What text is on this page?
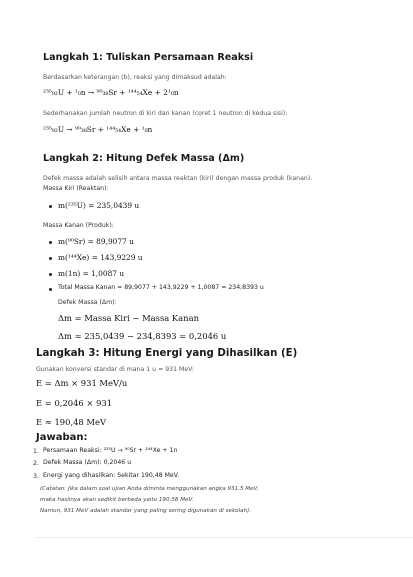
Langkah 1: Tuliskan Persamaan Reaksi
Berdasarkan keterangan (b), reaksi yang dimaksud adalah:
²³⁵₉₂U + ¹₀n → ⁹⁰₃₈Sr + ¹⁴⁴₅₄Xe + 2¹₀n
Sederhanakan jumlah neutron di kiri dan kanan (coret 1 neutron di kedua sisi):
²³⁵₉₂U → ⁹⁰₃₈Sr + ¹⁴⁴₅₄Xe + ¹₀n
Langkah 2: Hitung Defek Massa (Δm)
Defek massa adalah selisih antara massa reaktan (kiri) dengan massa produk (kanan).
Massa Kiri (Reaktan):
m(²³⁵U) = 235,0439 u
Massa Kanan (Produk):
m(⁹⁰Sr) = 89,9077 u
m(¹⁴⁴Xe) = 143,9229 u
m(1n) = 1,0087 u
Total Massa Kanan = 89,9077 + 143,9229 + 1,0087 = 234,8393 u
Defek Massa (Δm):
Δm = Massa Kiri − Massa Kanan
Δm = 235,0439 − 234,8393 = 0,2046 u
Langkah 3: Hitung Energi yang Dihasilkan (E)
Gunakan konversi standar di mana 1 u ≈ 931 MeV:
E = Δm × 931 MeV/u
E = 0,2046 × 931
E ≈ 190,48 MeV
Jawaban:
1. Persamaan Reaksi: ²³⁵U → ⁹⁰Sr + ¹⁴⁴Xe + 1n
2. Defek Massa (Δm): 0,2046 u
3. Energi yang dihasilkan: Sekitar 190,48 MeV.
(Catatan: Jika dalam soal ujian Anda diminta menggunakan angka 931,5 MeV,
maka hasilnya akan sedikit berbeda yaitu 190,58 MeV.
Namun, 931 MeV adalah standar yang paling sering digunakan di sekolah).
